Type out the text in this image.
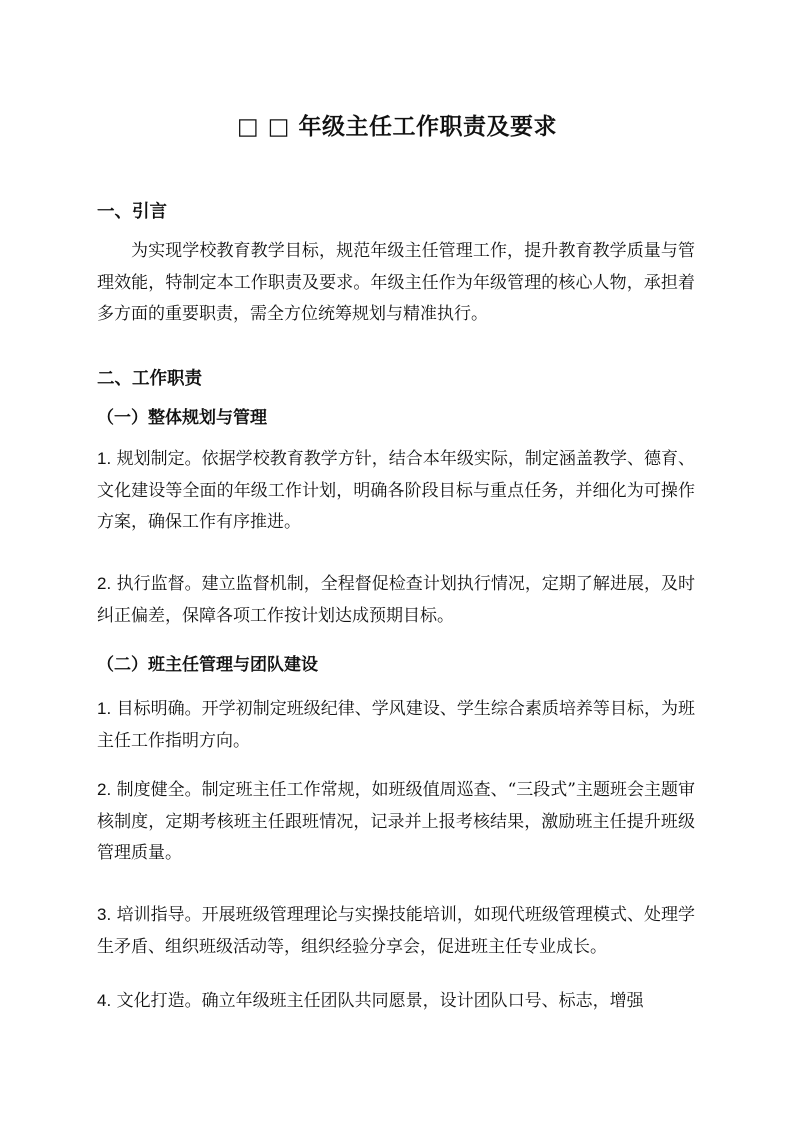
□ □ 年级主任工作职责及要求
一、引言
为实现学校教育教学目标，规范年级主任管理工作，提升教育教学质量与管理效能，特制定本工作职责及要求。年级主任作为年级管理的核心人物，承担着多方面的重要职责，需全方位统筹规划与精准执行。
二、工作职责
（一）整体规划与管理
1. 规划制定。依据学校教育教学方针，结合本年级实际，制定涵盖教学、德育、文化建设等全面的年级工作计划，明确各阶段目标与重点任务，并细化为可操作方案，确保工作有序推进。
2. 执行监督。建立监督机制，全程督促检查计划执行情况，定期了解进展，及时纠正偏差，保障各项工作按计划达成预期目标。
（二）班主任管理与团队建设
1. 目标明确。开学初制定班级纪律、学风建设、学生综合素质培养等目标，为班主任工作指明方向。
2. 制度健全。制定班主任工作常规，如班级值周巡查、“三段式”主题班会主题审核制度，定期考核班主任跟班情况，记录并上报考核结果，激励班主任提升班级管理质量。
3. 培训指导。开展班级管理理论与实操技能培训，如现代班级管理模式、处理学生矛盾、组织班级活动等，组织经验分享会，促进班主任专业成长。
4. 文化打造。确立年级班主任团队共同愿景，设计团队口号、标志，增强
